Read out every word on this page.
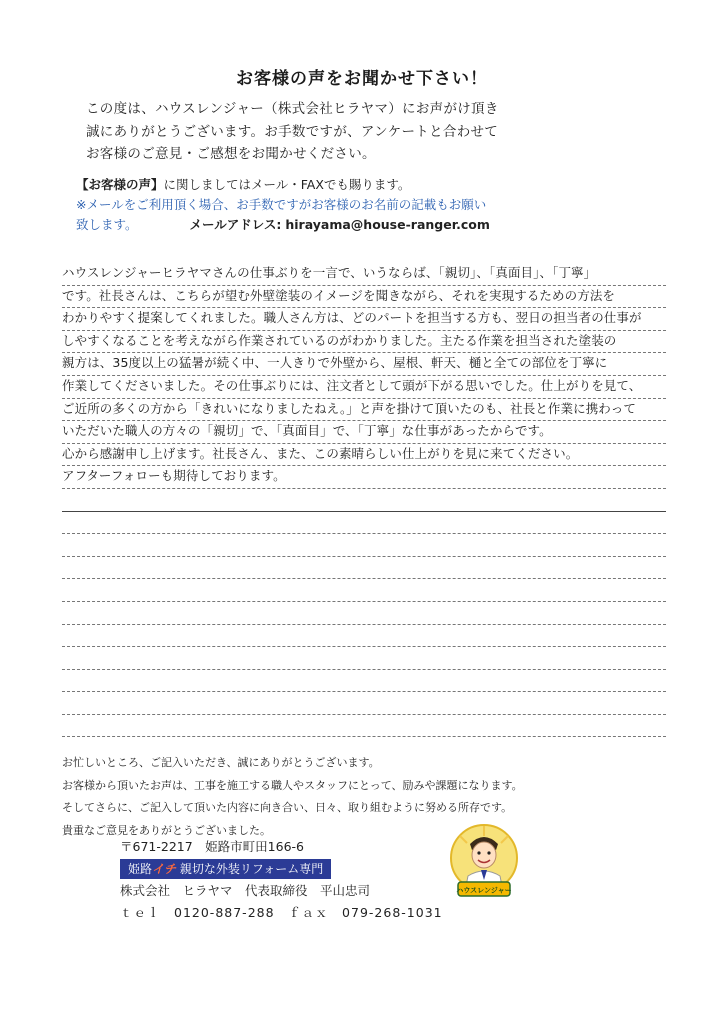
お客様の声をお聞かせ下さい！

この度は、ハウスレンジャー（株式会社ヒラヤマ）にお声がけ頂き

誠にありがとうございます。お手数ですが、アンケートと合わせて

お客様のご意見・ご感想をお聞かせください。

【お客様の声】に関しましてはメール・FAXでも賜ります。
※メールをご利用頂く場合、お手数ですがお客様のお名前の記載もお願い
致します。	メールアドレス: hirayama@house-ranger.com
ハウスレンジャーヒラヤマさんの仕事ぶりを一言で、いうならば、「親切」、「真面目」、「丁寧」
です。社長さんは、こちらが望む外壁塗装のイメージを聞きながら、それを実現するための方法を
わかりやすく提案してくれました。職人さん方は、どのパートを担当する方も、翌日の担当者の仕事が
しやすくなることを考えながら作業されているのがわかりました。主たる作業を担当された塗装の
親方は、35度以上の猛暑が続く中、一人きりで外壁から、屋根、軒天、樋と全ての部位を丁寧に
作業してくださいました。その仕事ぶりには、注文者として頭が下がる思いでした。仕上がりを見て、
ご近所の多くの方から「きれいになりましたねえ。」と声を掛けて頂いたのも、社長と作業に携わって
いただいた職人の方々の「親切」で、「真面目」で、「丁寧」な仕事があったからです。
心から感謝申し上げます。社長さん、また、この素晴らしい仕上がりを見に来てください。
アフターフォローも期待しております。

お忙しいところ、ご記入いただき、誠にありがとうございます。

お客様から頂いたお声は、工事を施工する職人やスタッフにとって、励みや課題になります。

そしてさらに、ご記入して頂いた内容に向き合い、日々、取り組むように努める所存です。

貴重なご意見をありがとうございました。

〒671-2217　姫路市町田166-6
姫路イチ 親切な外装リフォーム専門
株式会社　ヒラヤマ　代表取締役　平山忠司
ｔｅｌ　0120-887-288　ｆａｘ　079-268-1031
ハウスレンジャー
